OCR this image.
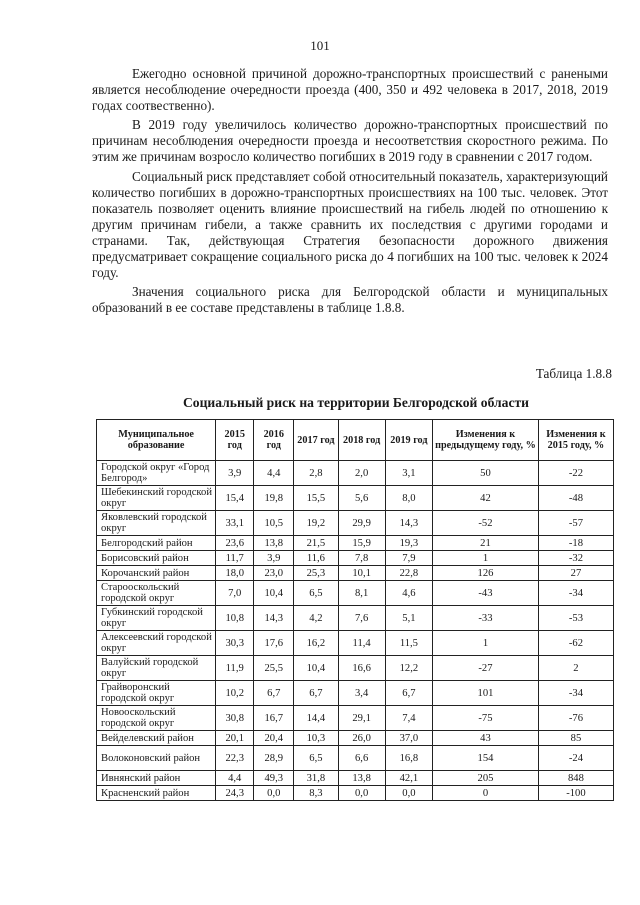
101

Ежегодно основной причиной дорожно-транспортных происшествий с ранеными является несоблюдение очередности проезда (400, 350 и 492 человека в 2017, 2018, 2019 годах соотвественно).

В 2019 году увеличилось количество дорожно-транспортных происшествий по причинам несоблюдения очередности проезда и несоответствия скоростного режима. По этим же причинам возросло количество погибших в 2019 году в сравнении с 2017 годом.

Социальный риск представляет собой относительный показатель, характеризующий количество погибших в дорожно-транспортных происшествиях на 100 тыс. человек. Этот показатель позволяет оценить влияние происшествий на гибель людей по отношению к другим причинам гибели, а также сравнить их последствия с другими городами и странами. Так, действующая Стратегия безопасности дорожного движения предусматривает сокращение социального риска до 4 погибших на 100 тыс. человек к 2024 году.

Значения социального риска для Белгородской области и муниципальных образований в ее составе представлены в таблице 1.8.8.

Таблица 1.8.8
Социальный риск на территории Белгородской области
Муниципальное образование	2015 год	2016 год	2017 год	2018 год	2019 год	Изменения к предыдущему году, %	Изменения к 2015 году, %
Городской округ «Город Белгород»	3,9	4,4	2,8	2,0	3,1	50	-22
Шебекинский городской округ	15,4	19,8	15,5	5,6	8,0	42	-48
Яковлевский городской округ	33,1	10,5	19,2	29,9	14,3	-52	-57
Белгородский район	23,6	13,8	21,5	15,9	19,3	21	-18
Борисовский район	11,7	3,9	11,6	7,8	7,9	1	-32
Корочанский район	18,0	23,0	25,3	10,1	22,8	126	27
Старооскольский городской округ	7,0	10,4	6,5	8,1	4,6	-43	-34
Губкинский городской округ	10,8	14,3	4,2	7,6	5,1	-33	-53
Алексеевский городской округ	30,3	17,6	16,2	11,4	11,5	1	-62
Валуйский городской округ	11,9	25,5	10,4	16,6	12,2	-27	2
Грайворонский городской округ	10,2	6,7	6,7	3,4	6,7	101	-34
Новооскольский городской округ	30,8	16,7	14,4	29,1	7,4	-75	-76
Вейделевский район	20,1	20,4	10,3	26,0	37,0	43	85
Волоконовский район	22,3	28,9	6,5	6,6	16,8	154	-24
Ивнянский район	4,4	49,3	31,8	13,8	42,1	205	848
Красненский район	24,3	0,0	8,3	0,0	0,0	0	-100
